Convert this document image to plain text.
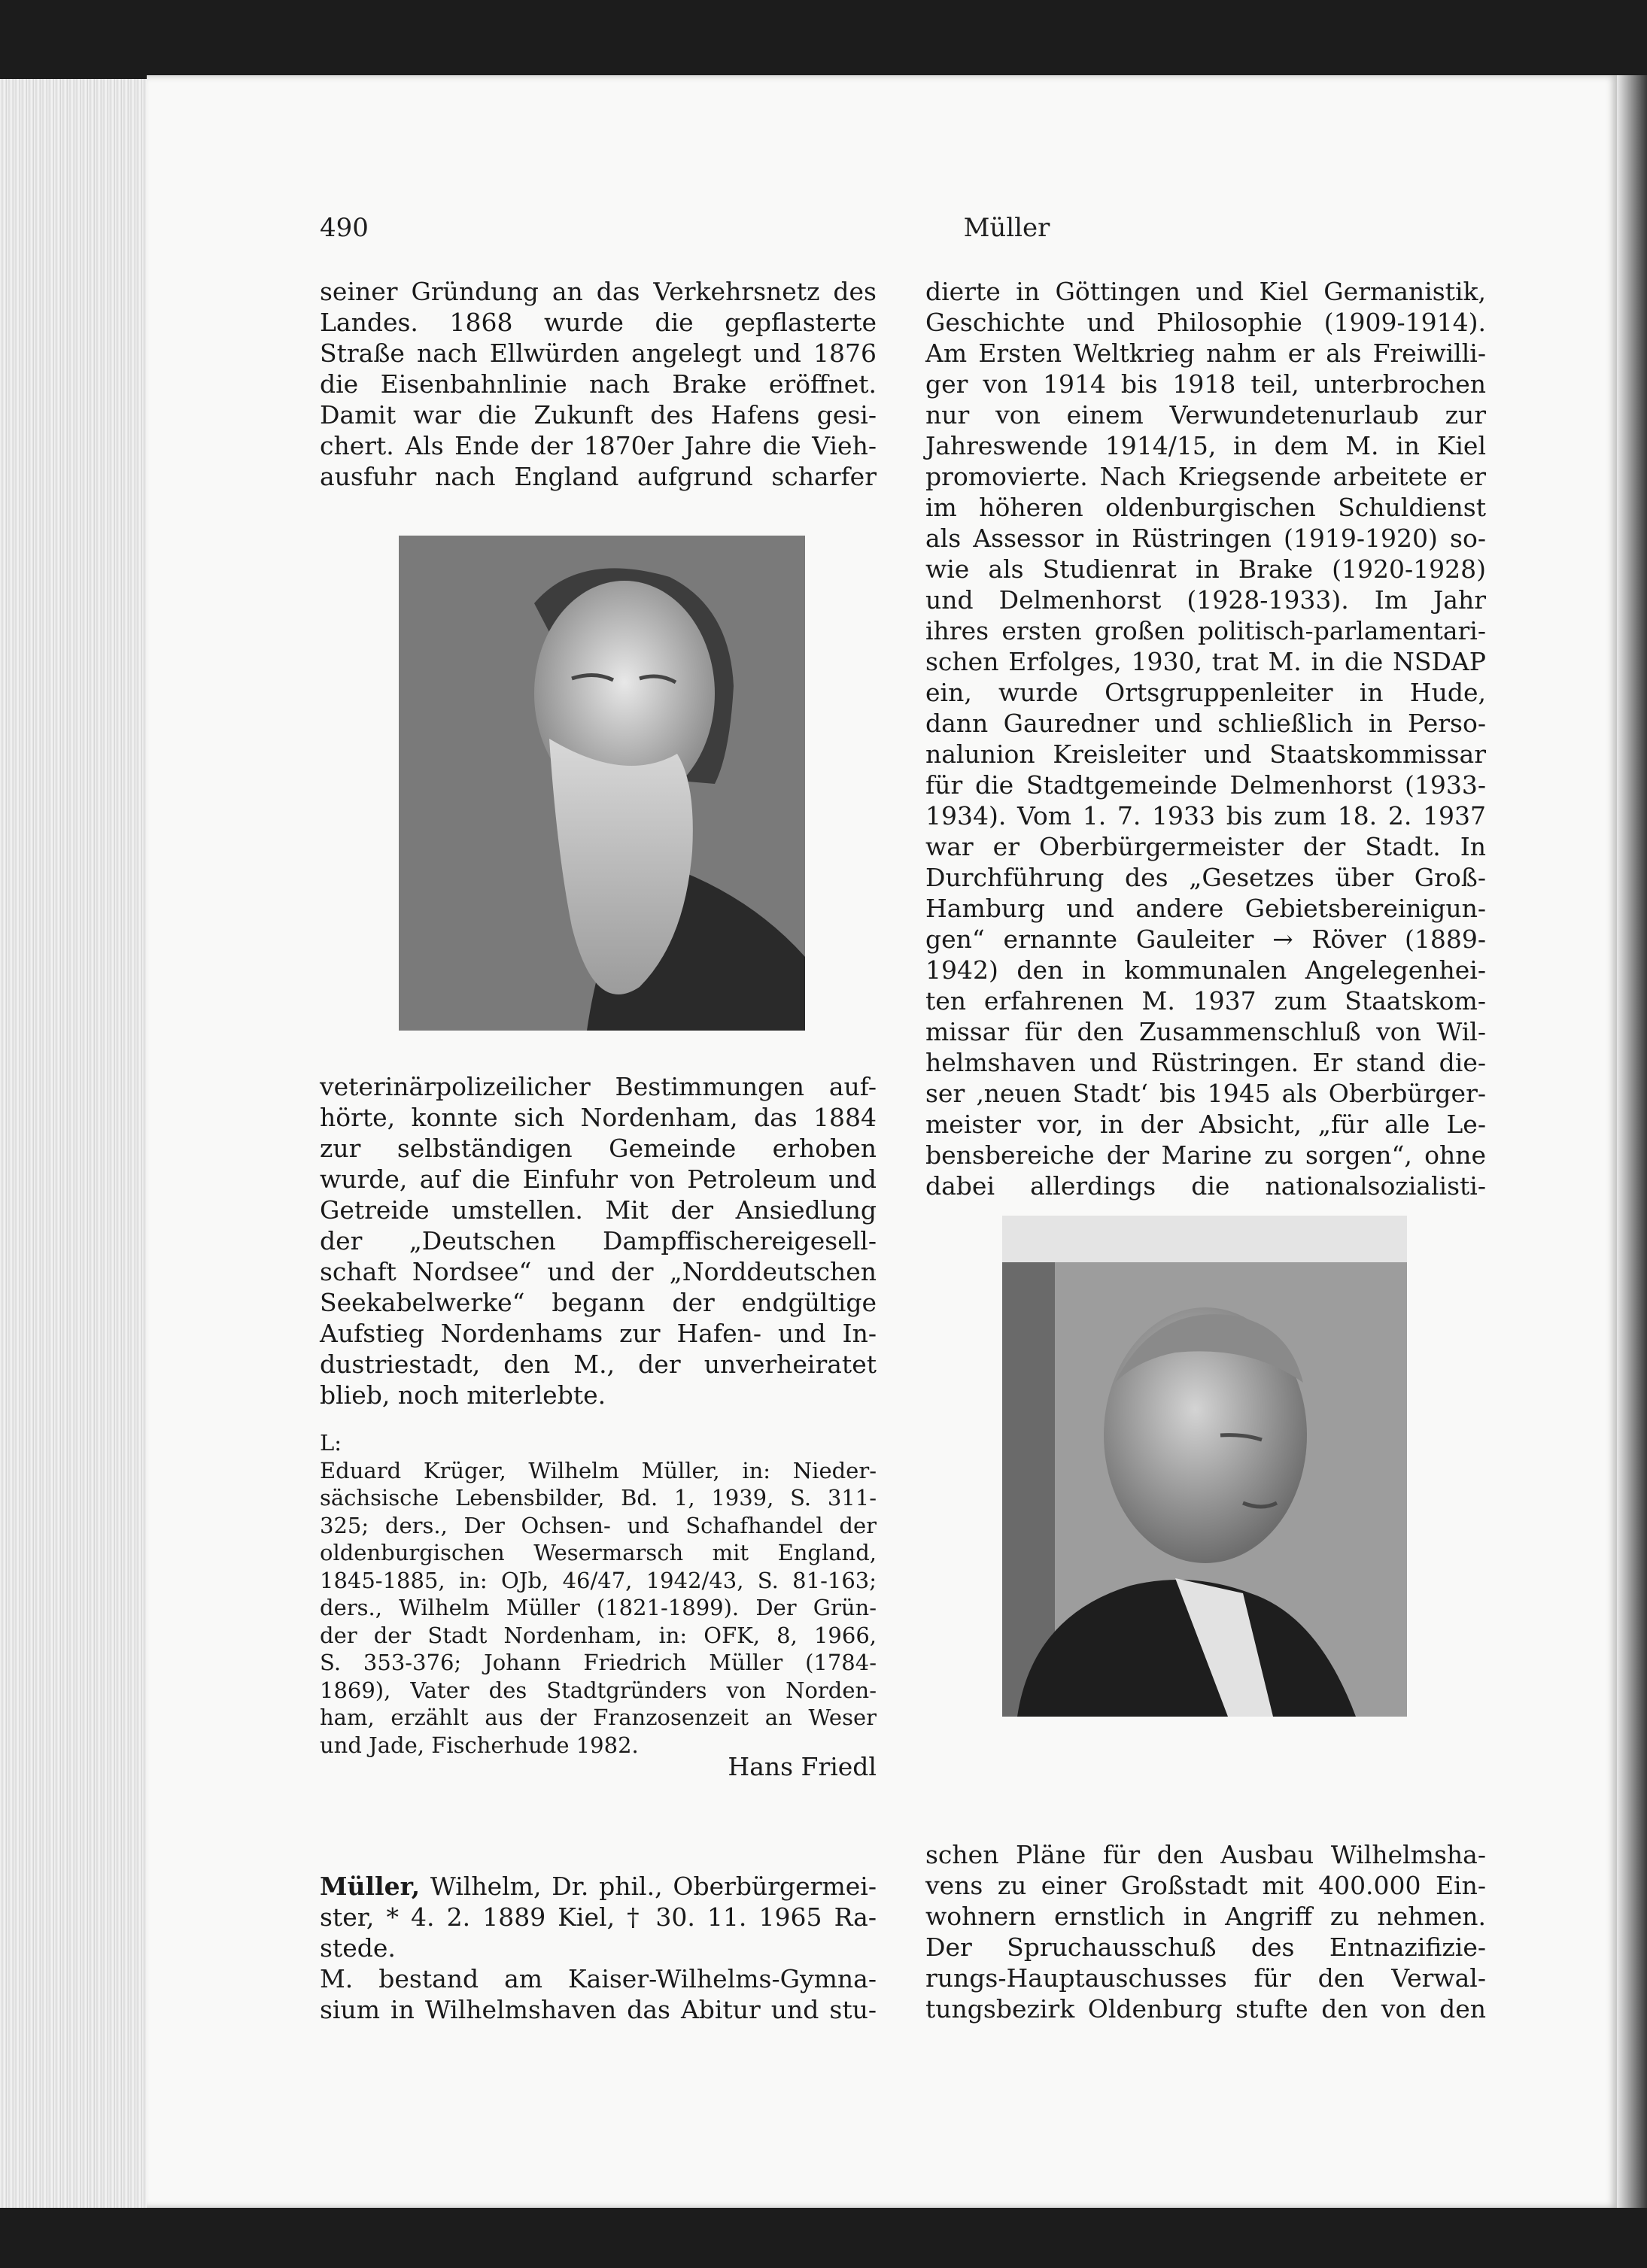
490	Müller
seiner Gründung an das Verkehrsnetz des
Landes. 1868 wurde die gepflasterte
Straße nach Ellwürden angelegt und 1876
die Eisenbahnlinie nach Brake eröffnet.
Damit war die Zukunft des Hafens gesi-
chert. Als Ende der 1870er Jahre die Vieh-
ausfuhr nach England aufgrund scharfer
veterinärpolizeilicher Bestimmungen auf-
hörte, konnte sich Nordenham, das 1884
zur selbständigen Gemeinde erhoben
wurde, auf die Einfuhr von Petroleum und
Getreide umstellen. Mit der Ansiedlung
der „Deutschen Dampffischereigesell-
schaft Nordsee“ und der „Norddeutschen
Seekabelwerke“ begann der endgültige
Aufstieg Nordenhams zur Hafen- und In-
dustriestadt, den M., der unverheiratet
blieb, noch miterlebte.
L:
Eduard Krüger, Wilhelm Müller, in: Nieder-
sächsische Lebensbilder, Bd. 1, 1939, S. 311-
325; ders., Der Ochsen- und Schafhandel der
oldenburgischen Wesermarsch mit England,
1845-1885, in: OJb, 46/47, 1942/43, S. 81-163;
ders., Wilhelm Müller (1821-1899). Der Grün-
der der Stadt Nordenham, in: OFK, 8, 1966,
S. 353-376; Johann Friedrich Müller (1784-
1869), Vater des Stadtgründers von Norden-
ham, erzählt aus der Franzosenzeit an Weser
und Jade, Fischerhude 1982.
Hans Friedl
Müller, Wilhelm, Dr. phil., Oberbürgermei-
ster, * 4. 2. 1889 Kiel, † 30. 11. 1965 Ra-
stede.
M. bestand am Kaiser-Wilhelms-Gymna-
sium in Wilhelmshaven das Abitur und stu-
dierte in Göttingen und Kiel Germanistik,
Geschichte und Philosophie (1909-1914).
Am Ersten Weltkrieg nahm er als Freiwilli-
ger von 1914 bis 1918 teil, unterbrochen
nur von einem Verwundetenurlaub zur
Jahreswende 1914/15, in dem M. in Kiel
promovierte. Nach Kriegsende arbeitete er
im höheren oldenburgischen Schuldienst
als Assessor in Rüstringen (1919-1920) so-
wie als Studienrat in Brake (1920-1928)
und Delmenhorst (1928-1933). Im Jahr
ihres ersten großen politisch-parlamentari-
schen Erfolges, 1930, trat M. in die NSDAP
ein, wurde Ortsgruppenleiter in Hude,
dann Gauredner und schließlich in Perso-
nalunion Kreisleiter und Staatskommissar
für die Stadtgemeinde Delmenhorst (1933-
1934). Vom 1. 7. 1933 bis zum 18. 2. 1937
war er Oberbürgermeister der Stadt. In
Durchführung des „Gesetzes über Groß-
Hamburg und andere Gebietsbereinigun-
gen“ ernannte Gauleiter → Röver (1889-
1942) den in kommunalen Angelegenhei-
ten erfahrenen M. 1937 zum Staatskom-
missar für den Zusammenschluß von Wil-
helmshaven und Rüstringen. Er stand die-
ser ‚neuen Stadt‘ bis 1945 als Oberbürger-
meister vor, in der Absicht, „für alle Le-
bensbereiche der Marine zu sorgen“, ohne
dabei allerdings die nationalsozialisti-
schen Pläne für den Ausbau Wilhelmsha-
vens zu einer Großstadt mit 400.000 Ein-
wohnern ernstlich in Angriff zu nehmen.
Der Spruchausschuß des Entnazifizie-
rungs-Hauptauschusses für den Verwal-
tungsbezirk Oldenburg stufte den von den
